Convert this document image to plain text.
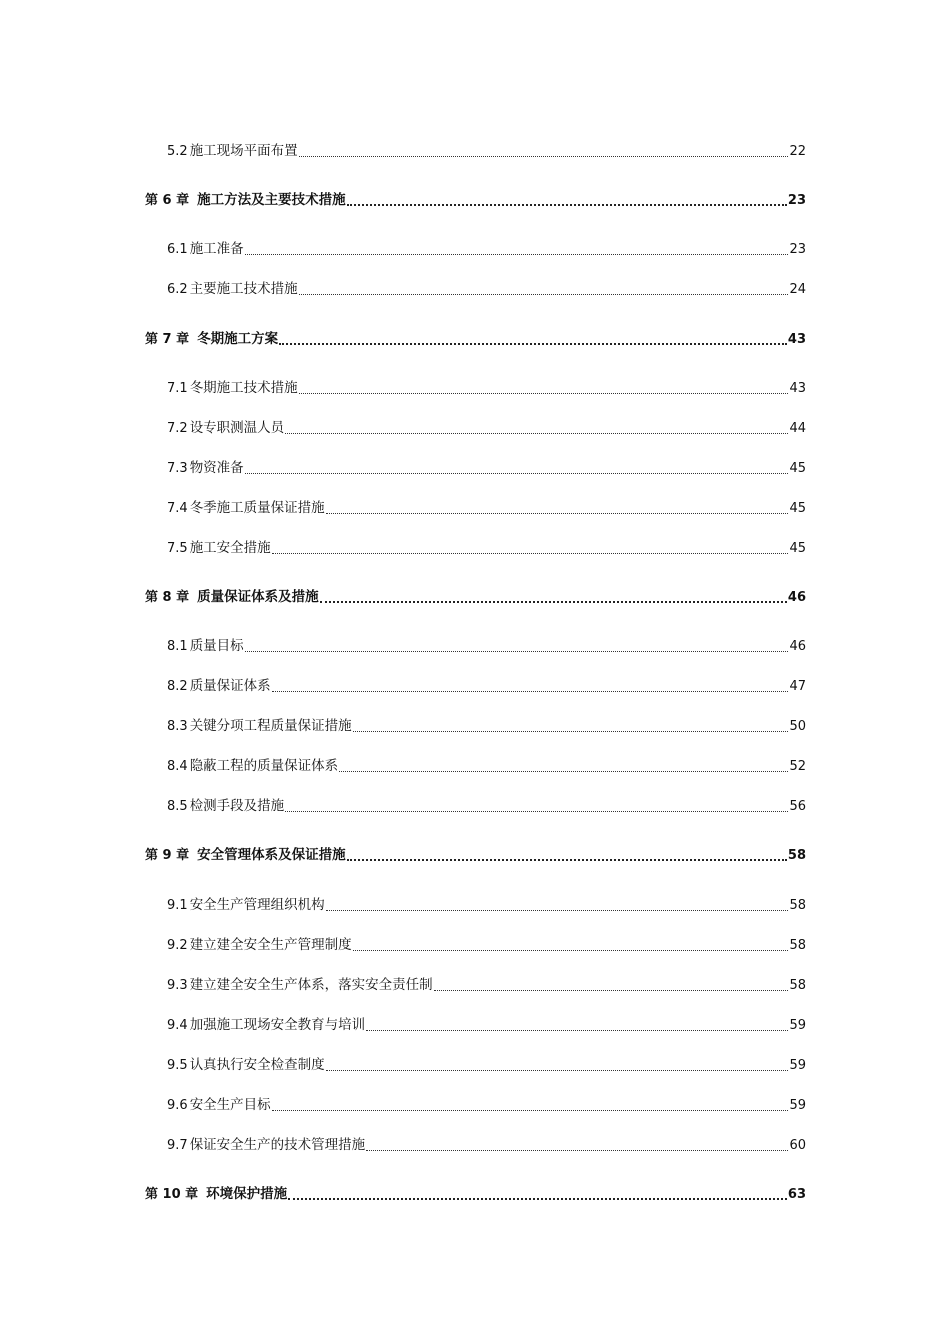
5.2 施工现场平面布置	22
第 6 章 施工方法及主要技术措施	23
6.1 施工准备	23
6.2 主要施工技术措施	24
第 7 章 冬期施工方案	43
7.1 冬期施工技术措施	43
7.2 设专职测温人员	44
7.3 物资准备	45
7.4 冬季施工质量保证措施	45
7.5 施工安全措施	45
第 8 章 质量保证体系及措施	46
8.1 质量目标	46
8.2 质量保证体系	47
8.3 关键分项工程质量保证措施	50
8.4 隐蔽工程的质量保证体系	52
8.5 检测手段及措施	56
第 9 章 安全管理体系及保证措施	58
9.1 安全生产管理组织机构	58
9.2 建立建全安全生产管理制度	58
9.3 建立建全安全生产体系，落实安全责任制	58
9.4 加强施工现场安全教育与培训	59
9.5 认真执行安全检查制度	59
9.6 安全生产目标	59
9.7 保证安全生产的技术管理措施	60
第 10 章 环境保护措施	63
